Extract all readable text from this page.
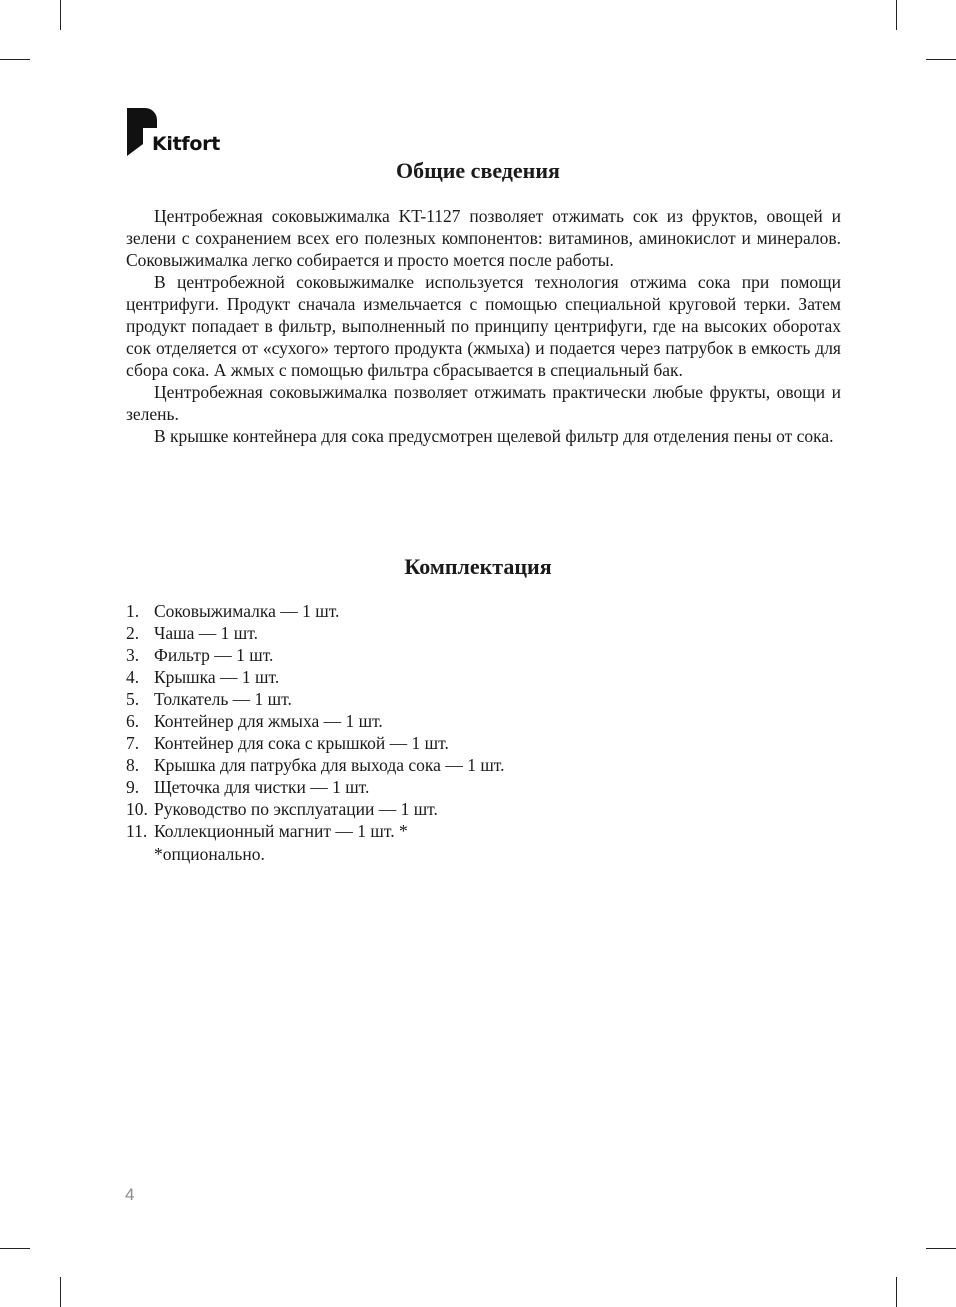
Kitfort
Общие сведения

Центробежная соковыжималка KT-1127 позволяет отжимать сок из фруктов, овощей и зелени с сохранением всех его полезных компонентов: витаминов, аминокислот и минералов. Соковыжималка легко собирается и просто моется после работы.

В центробежной соковыжималке используется технология отжима сока при помощи центрифуги. Продукт сначала измельчается с помощью специальной круговой терки. Затем продукт попадает в фильтр, выполненный по принципу центрифуги, где на высоких оборотах сок отделяется от «сухого» тертого продукта (жмыха) и подается через патрубок в емкость для сбора сока. А жмых с помощью фильтра сбрасывается в специальный бак.

Центробежная соковыжималка позволяет отжимать практически любые фрукты, овощи и зелень.

В крышке контейнера для сока предусмотрен щелевой фильтр для отделения пены от сока.

Комплектация
1. Соковыжималка — 1 шт.
2. Чаша — 1 шт.
3. Фильтр — 1 шт.
4. Крышка — 1 шт.
5. Толкатель — 1 шт.
6. Контейнер для жмыха — 1 шт.
7. Контейнер для сока с крышкой — 1 шт.
8. Крышка для патрубка для выхода сока — 1 шт.
9. Щеточка для чистки — 1 шт.
10. Руководство по эксплуатации — 1 шт.
11. Коллекционный магнит — 1 шт. *
*опционально.
4
